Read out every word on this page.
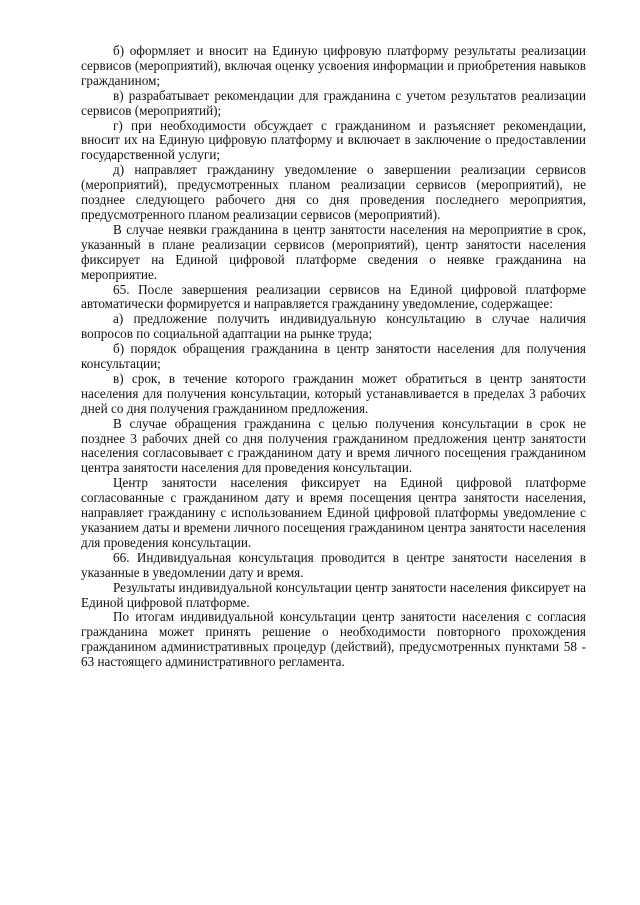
б) оформляет и вносит на Единую цифровую платформу результаты реализации сервисов (мероприятий), включая оценку усвоения информации и приобретения навыков гражданином;

в) разрабатывает рекомендации для гражданина с учетом результатов реализации сервисов (мероприятий);

г) при необходимости обсуждает с гражданином и разъясняет рекомендации, вносит их на Единую цифровую платформу и включает в заключение о предоставлении государственной услуги;

д) направляет гражданину уведомление о завершении реализации сервисов (мероприятий), предусмотренных планом реализации сервисов (мероприятий), не позднее следующего рабочего дня со дня проведения последнего мероприятия, предусмотренного планом реализации сервисов (мероприятий).

В случае неявки гражданина в центр занятости населения на мероприятие в срок, указанный в плане реализации сервисов (мероприятий), центр занятости населения фиксирует на Единой цифровой платформе сведения о неявке гражданина на мероприятие.

65. После завершения реализации сервисов на Единой цифровой платформе автоматически формируется и направляется гражданину уведомление, содержащее:

а) предложение получить индивидуальную консультацию в случае наличия вопросов по социальной адаптации на рынке труда;

б) порядок обращения гражданина в центр занятости населения для получения консультации;

в) срок, в течение которого гражданин может обратиться в центр занятости населения для получения консультации, который устанавливается в пределах 3 рабочих дней со дня получения гражданином предложения.

В случае обращения гражданина с целью получения консультации в срок не позднее 3 рабочих дней со дня получения гражданином предложения центр занятости населения согласовывает с гражданином дату и время личного посещения гражданином центра занятости населения для проведения консультации.

Центр занятости населения фиксирует на Единой цифровой платформе согласованные с гражданином дату и время посещения центра занятости населения, направляет гражданину с использованием Единой цифровой платформы уведомление с указанием даты и времени личного посещения гражданином центра занятости населения для проведения консультации.

66. Индивидуальная консультация проводится в центре занятости населения в указанные в уведомлении дату и время.

Результаты индивидуальной консультации центр занятости населения фиксирует на Единой цифровой платформе.

По итогам индивидуальной консультации центр занятости населения с согласия гражданина может принять решение о необходимости повторного прохождения гражданином административных процедур (действий), предусмотренных пунктами 58 - 63 настоящего административного регламента.
